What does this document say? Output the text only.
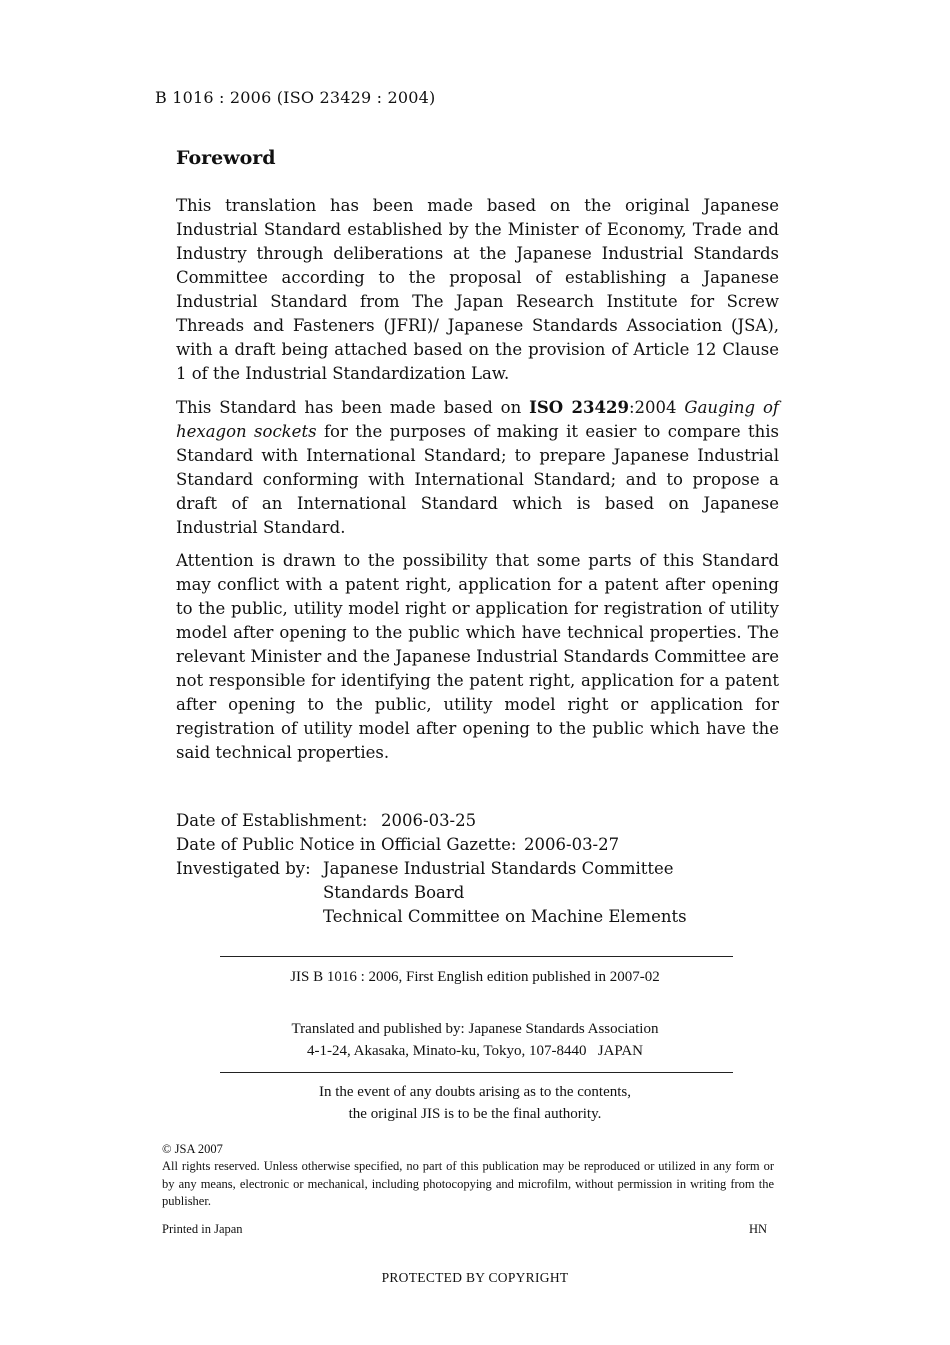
B 1016 : 2006 (ISO 23429 : 2004)
Foreword

This translation has been made based on the original Japanese Industrial Standard established by the Minister of Economy, Trade and Industry through deliberations at the Japanese Industrial Standards Committee according to the proposal of establishing a Japanese Industrial Standard from The Japan Research Institute for Screw Threads and Fasteners (JFRI)/ Japanese Standards Association (JSA), with a draft being attached based on the provision of Article 12 Clause 1 of the Industrial Standardization Law.

This Standard has been made based on ISO 23429:2004 Gauging of hexagon sockets for the purposes of making it easier to compare this Standard with International Standard; to prepare Japanese Industrial Standard conforming with International Standard; and to propose a draft of an International Standard which is based on Japanese Industrial Standard.

Attention is drawn to the possibility that some parts of this Standard may conflict with a patent right, application for a patent after opening to the public, utility model right or application for registration of utility model after opening to the public which have technical properties. The relevant Minister and the Japanese Industrial Standards Committee are not responsible for identifying the patent right, application for a patent after opening to the public, utility model right or application for registration of utility model after opening to the public which have the said technical properties.

Date of Establishment: 2006-03-25
Date of Public Notice in Official Gazette: 2006-03-27
Investigated by: Japanese Industrial Standards Committee
Standards Board
Technical Committee on Machine Elements
JIS B 1016 : 2006, First English edition published in 2007-02
Translated and published by: Japanese Standards Association
4-1-24, Akasaka, Minato-ku, Tokyo, 107-8440   JAPAN
In the event of any doubts arising as to the contents,
the original JIS is to be the final authority.
© JSA 2007

All rights reserved. Unless otherwise specified, no part of this publication may be reproduced or utilized in any form or by any means, electronic or mechanical, including photocopying and microfilm, without permission in writing from the publisher.

Printed in Japan	HN
PROTECTED BY COPYRIGHT
